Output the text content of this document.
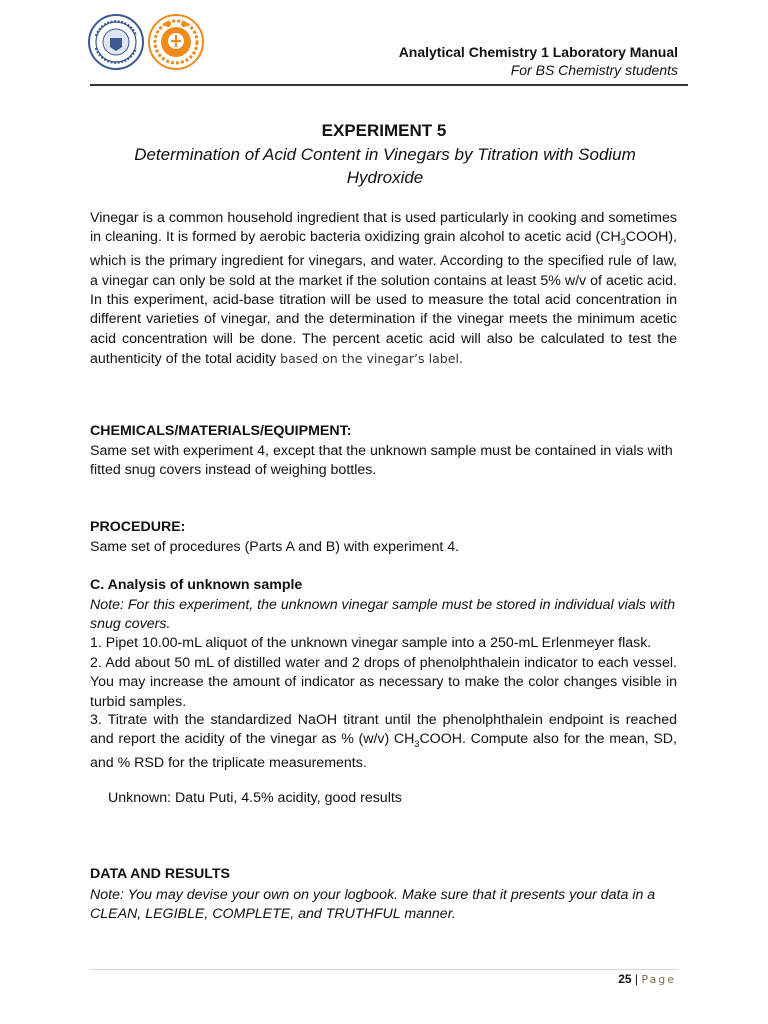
Analytical Chemistry 1 Laboratory Manual
For BS Chemistry students
EXPERIMENT 5
Determination of Acid Content in Vinegars by Titration with Sodium Hydroxide
Vinegar is a common household ingredient that is used particularly in cooking and sometimes in cleaning. It is formed by aerobic bacteria oxidizing grain alcohol to acetic acid $(CH_3COOH)$, which is the primary ingredient for vinegars, and water. According to the specified rule of law, a vinegar can only be sold at the market if the solution contains at least 5% w/v of acetic acid. In this experiment, acid-base titration will be used to measure the total acid concentration in different varieties of vinegar, and the determination if the vinegar meets the minimum acetic acid concentration will be done. The percent acetic acid will also be calculated to test the authenticity of the total acidity based on the vinegar’s label.
CHEMICALS/MATERIALS/EQUIPMENT:
Same set with experiment 4, except that the unknown sample must be contained in vials with fitted snug covers instead of weighing bottles.
PROCEDURE:
Same set of procedures (Parts A and B) with experiment 4.
C. Analysis of unknown sample
Note: For this experiment, the unknown vinegar sample must be stored in individual vials with snug covers.
1. Pipet 10.00-mL aliquot of the unknown vinegar sample into a 250-mL Erlenmeyer flask.
2. Add about 50 mL of distilled water and 2 drops of phenolphthalein indicator to each vessel. You may increase the amount of indicator as necessary to make the color changes visible in turbid samples.
3. Titrate with the standardized NaOH titrant until the phenolphthalein endpoint is reached and report the acidity of the vinegar as % (w/v) $CH_3COOH$. Compute also for the mean, SD, and % RSD for the triplicate measurements.
Unknown: Datu Puti, 4.5% acidity, good results
DATA AND RESULTS
Note: You may devise your own on your logbook. Make sure that it presents your data in a CLEAN, LEGIBLE, COMPLETE, and TRUTHFUL manner.
25 | Page
